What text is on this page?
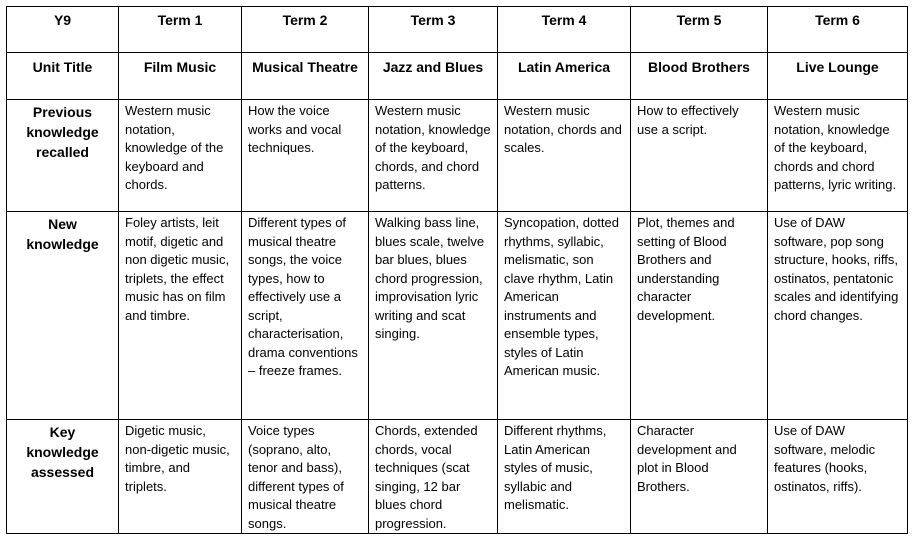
Y9	Term 1	Term 2	Term 3	Term 4	Term 5	Term 6
Unit Title	Film Music	Musical Theatre	Jazz and Blues	Latin America	Blood Brothers	Live Lounge
Previous knowledge recalled	Western music notation, knowledge of the keyboard and chords.	How the voice works and vocal techniques.	Western music notation, knowledge of the keyboard, chords, and chord patterns.	Western music notation, chords and scales.	How to effectively use a script.	Western music notation, knowledge of the keyboard, chords and chord patterns, lyric writing.
New knowledge	Foley artists, leit motif, digetic and non digetic music, triplets, the effect music has on film and timbre.	Different types of musical theatre songs, the voice types, how to effectively use a script, characterisation, drama conventions – freeze frames.	Walking bass line, blues scale, twelve bar blues, blues chord progression, improvisation lyric writing and scat singing.	Syncopation, dotted rhythms, syllabic, melismatic, son clave rhythm, Latin American instruments and ensemble types, styles of Latin American music.	Plot, themes and setting of Blood Brothers and understanding character development.	Use of DAW software, pop song structure, hooks, riffs, ostinatos, pentatonic scales and identifying chord changes.
Key knowledge assessed	Digetic music, non-digetic music, timbre, and triplets.	Voice types (soprano, alto, tenor and bass), different types of musical theatre songs.	Chords, extended chords, vocal techniques (scat singing, 12 bar blues chord progression.	Different rhythms, Latin American styles of music, syllabic and melismatic.	Character development and plot in Blood Brothers.	Use of DAW software, melodic features (hooks, ostinatos, riffs).
